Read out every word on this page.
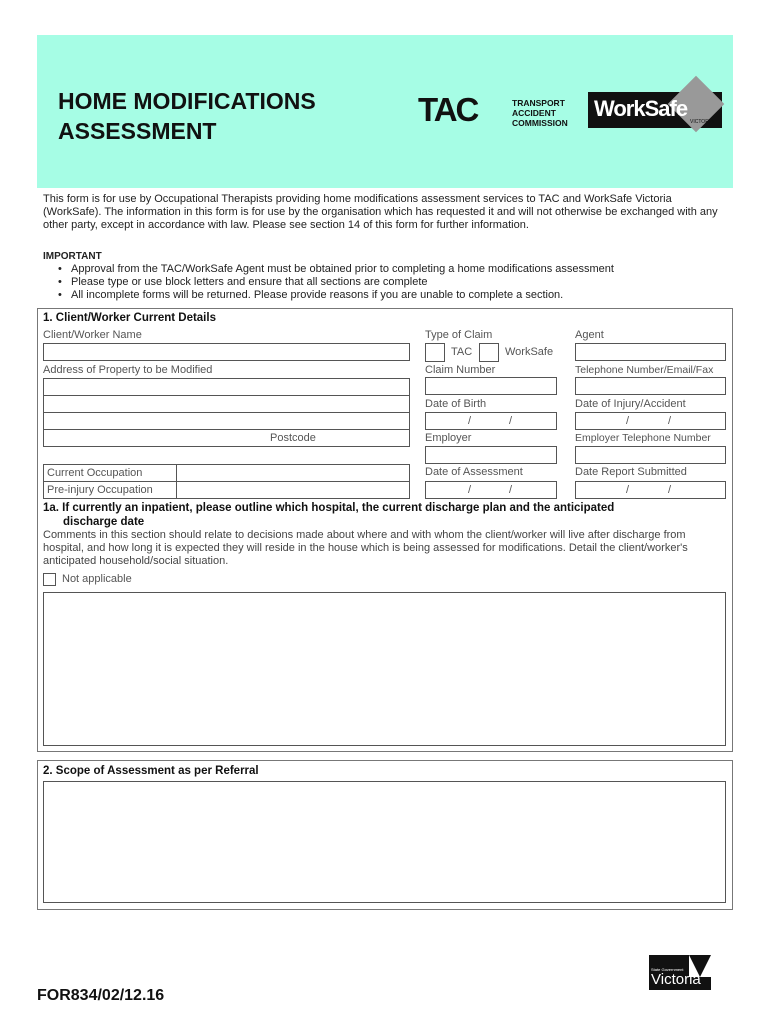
HOME MODIFICATIONS
ASSESSMENT
TAC	TRANSPORT
ACCIDENT
COMMISSION
WorkSafe
VICTORIA
This form is for use by Occupational Therapists providing home modifications assessment services to TAC and WorkSafe Victoria (WorkSafe). The information in this form is for use by the organisation which has requested it and will not otherwise be exchanged with any other party, except in accordance with law. Please see section 14 of this form for further information.
IMPORTANT
•   Approval from the TAC/WorkSafe Agent must be obtained prior to completing a home modifications assessment
•   Please type or use block letters and ensure that all sections are complete
•   All incomplete forms will be returned. Please provide reasons if you are unable to complete a section.
1. Client/Worker Current Details
Client/Worker Name
Address of Property to be Modified
Postcode
Current Occupation
Pre-injury Occupation
Type of Claim
TAC	WorkSafe
Claim Number
Date of Birth
/	/
Employer
Date of Assessment
/	/
Agent
Telephone Number/Email/Fax
Date of Injury/Accident
/	/
Employer Telephone Number
Date Report Submitted
/	/
1a. If currently an inpatient, please outline which hospital, the current discharge plan and the anticipated
discharge date
Comments in this section should relate to decisions made about where and with whom the client/worker will live after discharge from hospital, and how long it is expected they will reside in the house which is being assessed for modifications. Detail the client/worker's anticipated household/social situation.
Not applicable
2. Scope of Assessment as per Referral
FOR834/02/12.16
State Government
Victoria
